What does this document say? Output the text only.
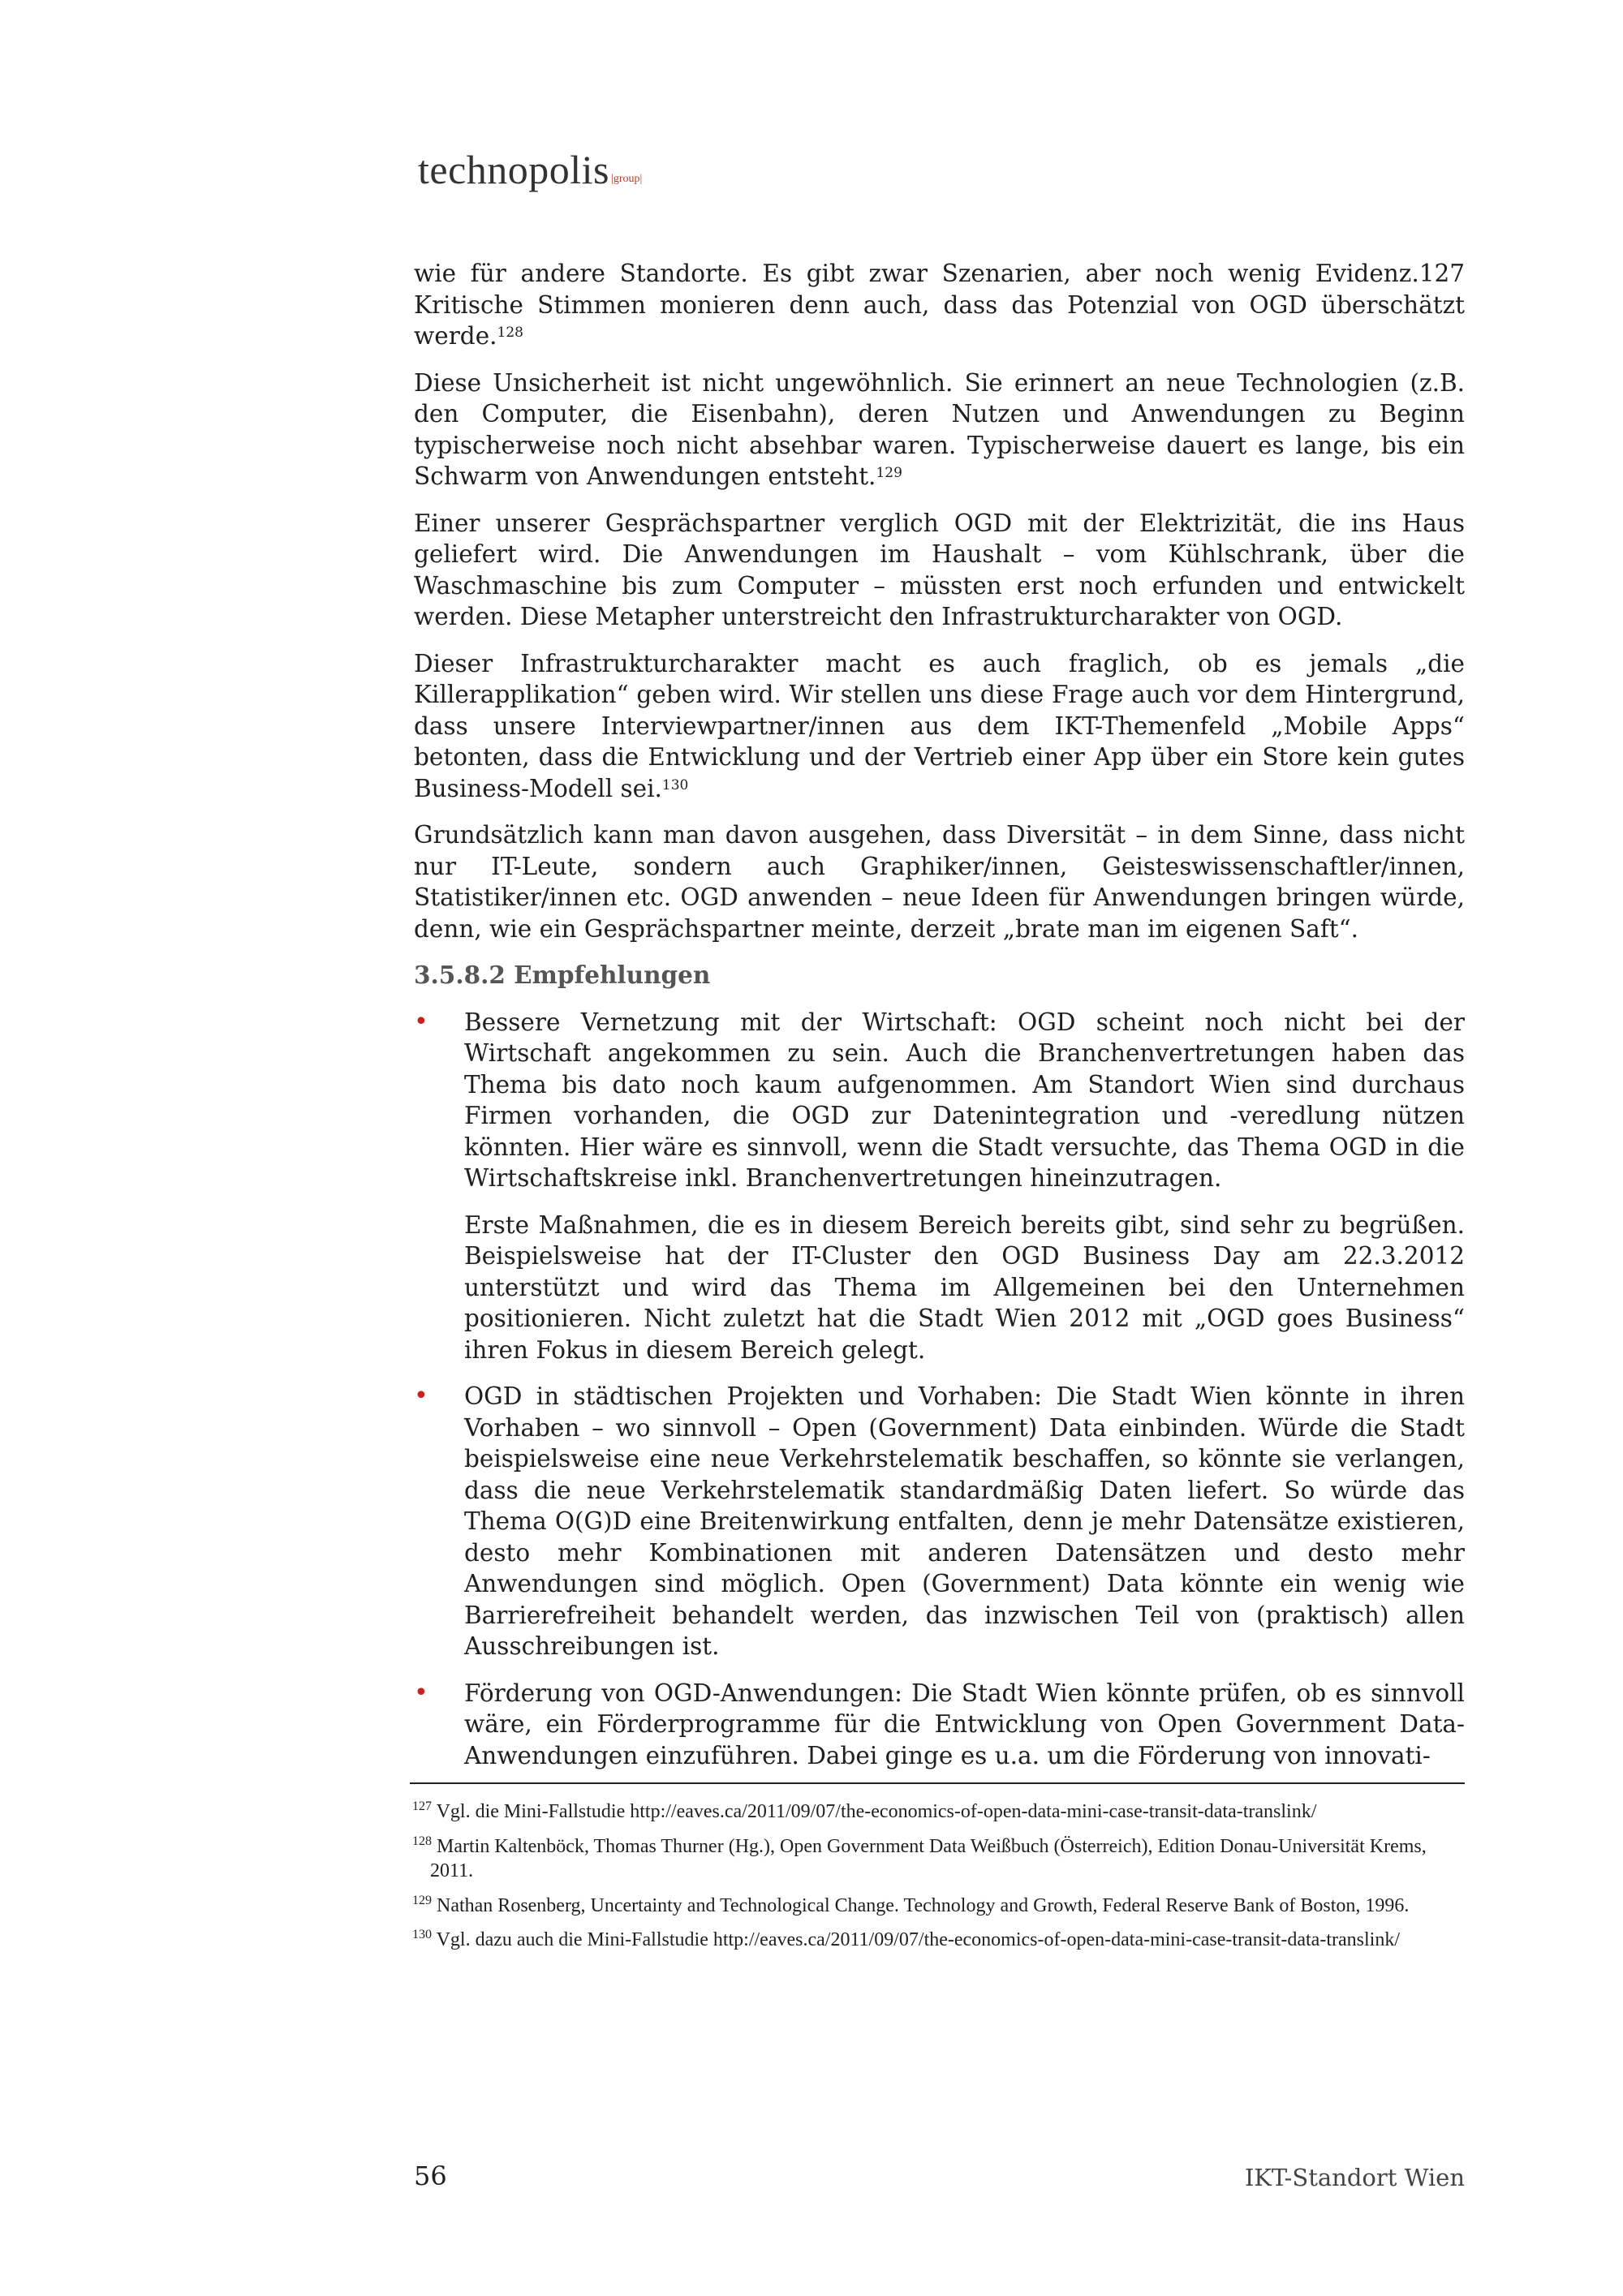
technopolis |group|

wie für andere Standorte. Es gibt zwar Szenarien, aber noch wenig Evidenz.127 Kritische Stimmen monieren denn auch, dass das Potenzial von OGD überschätzt werde.$^{128}$

Diese Unsicherheit ist nicht ungewöhnlich. Sie erinnert an neue Technologien (z.B. den Computer, die Eisenbahn), deren Nutzen und Anwendungen zu Beginn typischerweise noch nicht absehbar waren. Typischerweise dauert es lange, bis ein Schwarm von Anwendungen entsteht.$^{129}$

Einer unserer Gesprächspartner verglich OGD mit der Elektrizität, die ins Haus geliefert wird. Die Anwendungen im Haushalt – vom Kühlschrank, über die Waschmaschine bis zum Computer – müssten erst noch erfunden und entwickelt werden. Diese Metapher unterstreicht den Infrastrukturcharakter von OGD.

Dieser Infrastrukturcharakter macht es auch fraglich, ob es jemals „die Killerapplikation“ geben wird. Wir stellen uns diese Frage auch vor dem Hintergrund, dass unsere Interviewpartner/innen aus dem IKT-Themenfeld „Mobile Apps“ betonten, dass die Entwicklung und der Vertrieb einer App über ein Store kein gutes Business-Modell sei.$^{130}$

Grundsätzlich kann man davon ausgehen, dass Diversität – in dem Sinne, dass nicht nur IT-Leute, sondern auch Graphiker/innen, Geisteswissenschaftler/innen, Statistiker/innen etc. OGD anwenden – neue Ideen für Anwendungen bringen würde, denn, wie ein Gesprächspartner meinte, derzeit „brate man im eigenen Saft“.

3.5.8.2 Empfehlungen
• Bessere Vernetzung mit der Wirtschaft: OGD scheint noch nicht bei der Wirtschaft angekommen zu sein. Auch die Branchenvertretungen haben das Thema bis dato noch kaum aufgenommen. Am Standort Wien sind durchaus Firmen vorhanden, die OGD zur Datenintegration und -veredlung nützen könnten. Hier wäre es sinnvoll, wenn die Stadt versuchte, das Thema OGD in die Wirtschaftskreise inkl. Branchenvertretungen hineinzutragen.
Erste Maßnahmen, die es in diesem Bereich bereits gibt, sind sehr zu begrüßen. Beispielsweise hat der IT-Cluster den OGD Business Day am 22.3.2012 unterstützt und wird das Thema im Allgemeinen bei den Unternehmen positionieren. Nicht zuletzt hat die Stadt Wien 2012 mit „OGD goes Business“ ihren Fokus in diesem Bereich gelegt.
• OGD in städtischen Projekten und Vorhaben: Die Stadt Wien könnte in ihren Vorhaben – wo sinnvoll – Open (Government) Data einbinden. Würde die Stadt beispielsweise eine neue Verkehrstelematik beschaffen, so könnte sie verlangen, dass die neue Verkehrstelematik standardmäßig Daten liefert. So würde das Thema O(G)D eine Breitenwirkung entfalten, denn je mehr Datensätze existieren, desto mehr Kombinationen mit anderen Datensätzen und desto mehr Anwendungen sind möglich. Open (Government) Data könnte ein wenig wie Barrierefreiheit behandelt werden, das inzwischen Teil von (praktisch) allen Ausschreibungen ist.
• Förderung von OGD-Anwendungen: Die Stadt Wien könnte prüfen, ob es sinnvoll wäre, ein Förderprogramme für die Entwicklung von Open Government Data-Anwendungen einzuführen. Dabei ginge es u.a. um die Förderung von innovati-

$^{127}$ Vgl. die Mini-Fallstudie http://eaves.ca/2011/09/07/the-economics-of-open-data-mini-case-transit-data-translink/

$^{128}$ Martin Kaltenböck, Thomas Thurner (Hg.), Open Government Data Weißbuch (Österreich), Edition Donau-Universität Krems, 2011.

$^{129}$ Nathan Rosenberg, Uncertainty and Technological Change. Technology and Growth, Federal Reserve Bank of Boston, 1996.

$^{130}$ Vgl. dazu auch die Mini-Fallstudie http://eaves.ca/2011/09/07/the-economics-of-open-data-mini-case-transit-data-translink/

56	IKT-Standort Wien
